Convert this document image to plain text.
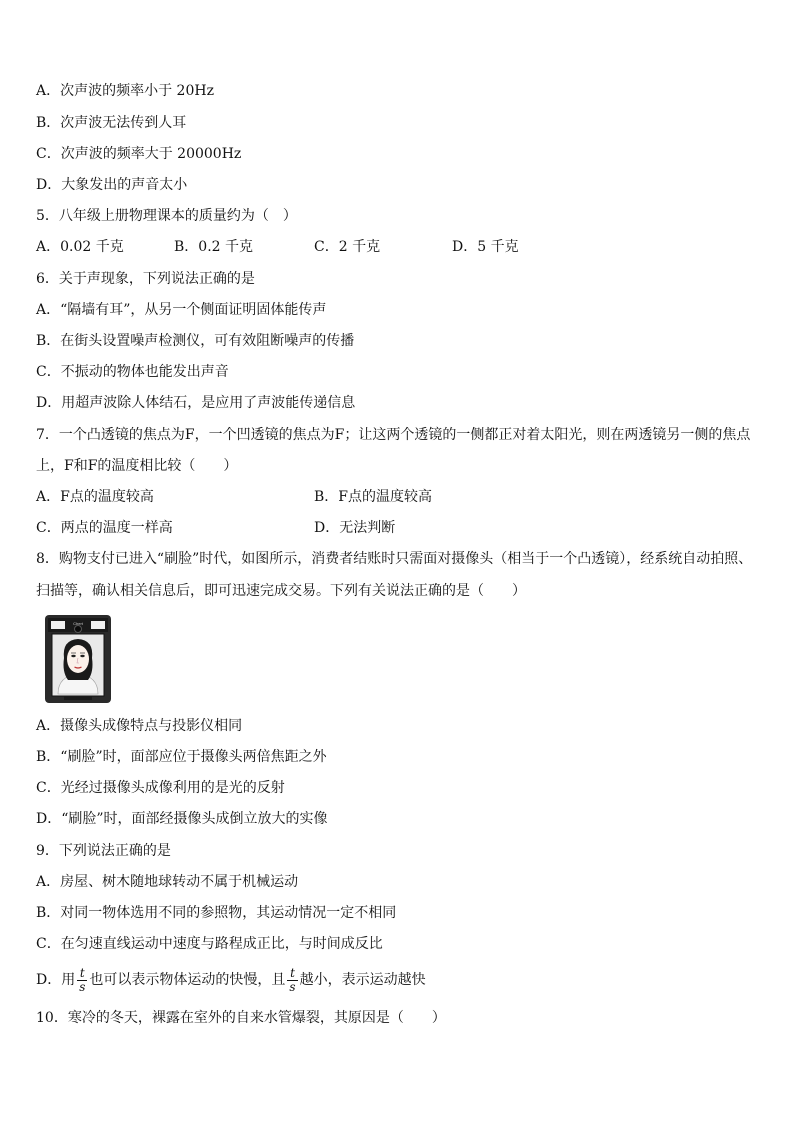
A．次声波的频率小于 20Hz
B．次声波无法传到人耳
C．次声波的频率大于 20000Hz
D．大象发出的声音太小
5．八年级上册物理课本的质量约为（　）
A．0.02 千克	B．0.2 千克	C．2 千克	D．5 千克
6．关于声现象，下列说法正确的是
A．“隔墙有耳”，从另一个侧面证明固体能传声
B．在街头设置噪声检测仪，可有效阻断噪声的传播
C．不振动的物体也能发出声音
D．用超声波除人体结石，是应用了声波能传递信息
7．一个凸透镜的焦点为F，一个凹透镜的焦点为F；让这两个透镜的一侧都正对着太阳光，则在两透镜另一侧的焦点
上，F和F的温度相比较（　　）
A．F点的温度较高	B．F点的温度较高
C．两点的温度一样高	D．无法判断
8．购物支付已进入“刷脸”时代，如图所示，消费者结账时只需面对摄像头（相当于一个凸透镜），经系统自动拍照、
扫描等，确认相关信息后，即可迅速完成交易。下列有关说法正确的是（　　）
Chert
A．摄像头成像特点与投影仪相同
B．“刷脸”时，面部应位于摄像头两倍焦距之外
C．光经过摄像头成像利用的是光的反射
D．“刷脸”时，面部经摄像头成倒立放大的实像
9．下列说法正确的是
A．房屋、树木随地球转动不属于机械运动
B．对同一物体选用不同的参照物，其运动情况一定不相同
C．在匀速直线运动中速度与路程成正比，与时间成反比
D．用 $\frac{t}{s}$ 也可以表示物体运动的快慢，且 $\frac{t}{s}$ 越小，表示运动越快
10．寒冷的冬天，裸露在室外的自来水管爆裂，其原因是（　　）
